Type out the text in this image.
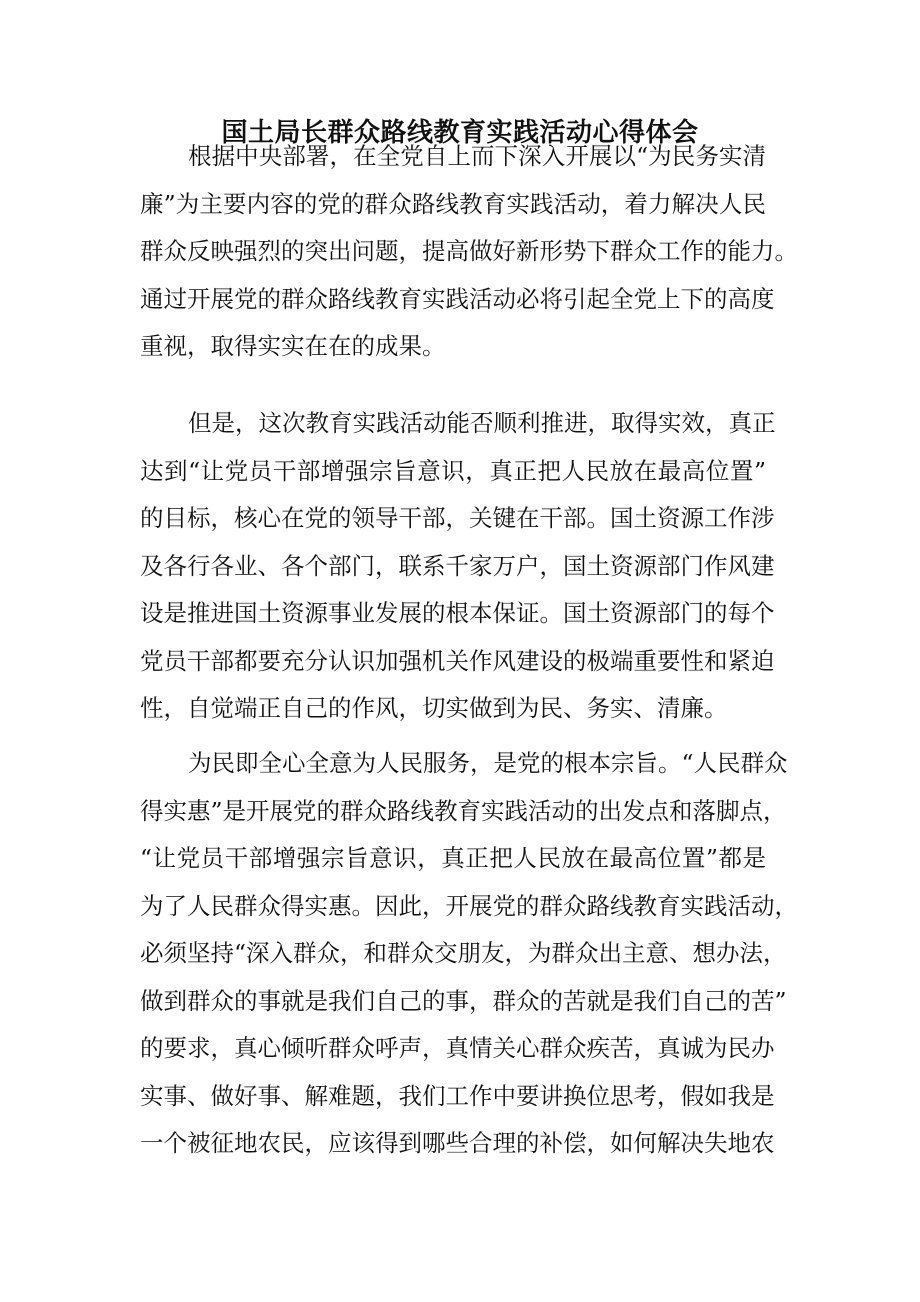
国土局长群众路线教育实践活动心得体会
根据中央部署，在全党自上而下深入开展以“为民务实清
廉”为主要内容的党的群众路线教育实践活动，着力解决人民
群众反映强烈的突出问题，提高做好新形势下群众工作的能力。
通过开展党的群众路线教育实践活动必将引起全党上下的高度
重视，取得实实在在的成果。
但是，这次教育实践活动能否顺利推进，取得实效，真正
达到“让党员干部增强宗旨意识，真正把人民放在最高位置”
的目标，核心在党的领导干部，关键在干部。国土资源工作涉
及各行各业、各个部门，联系千家万户，国土资源部门作风建
设是推进国土资源事业发展的根本保证。国土资源部门的每个
党员干部都要充分认识加强机关作风建设的极端重要性和紧迫
性，自觉端正自己的作风，切实做到为民、务实、清廉。
为民即全心全意为人民服务，是党的根本宗旨。“人民群众
得实惠”是开展党的群众路线教育实践活动的出发点和落脚点，
“让党员干部增强宗旨意识，真正把人民放在最高位置”都是
为了人民群众得实惠。因此，开展党的群众路线教育实践活动，
必须坚持“深入群众，和群众交朋友，为群众出主意、想办法，
做到群众的事就是我们自己的事，群众的苦就是我们自己的苦”
的要求，真心倾听群众呼声，真情关心群众疾苦，真诚为民办
实事、做好事、解难题，我们工作中要讲换位思考，假如我是
一个被征地农民，应该得到哪些合理的补偿，如何解决失地农
